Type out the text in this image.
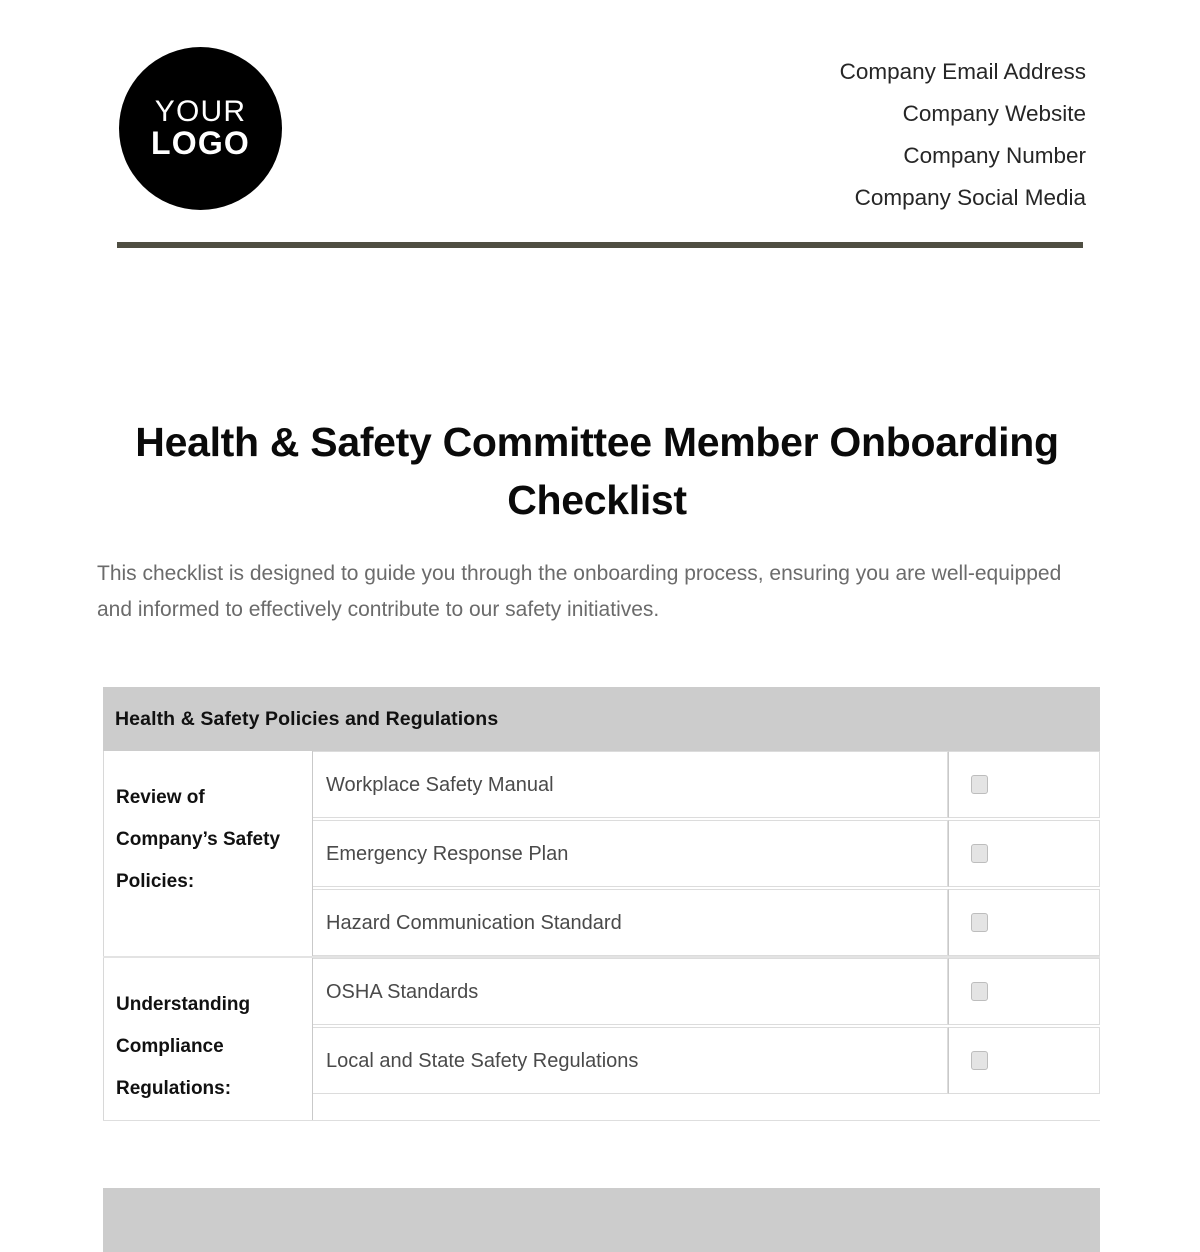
YOUR
LOGO
Company Email Address
Company Website
Company Number
Company Social Media
Health & Safety Committee Member Onboarding Checklist

This checklist is designed to guide you through the onboarding process, ensuring you are well-equipped and informed to effectively contribute to our safety initiatives.

Health & Safety Policies and Regulations
Review of Company’s Safety Policies:
Workplace Safety Manual
Emergency Response Plan
Hazard Communication Standard
Understanding Compliance Regulations:
OSHA Standards
Local and State Safety Regulations
